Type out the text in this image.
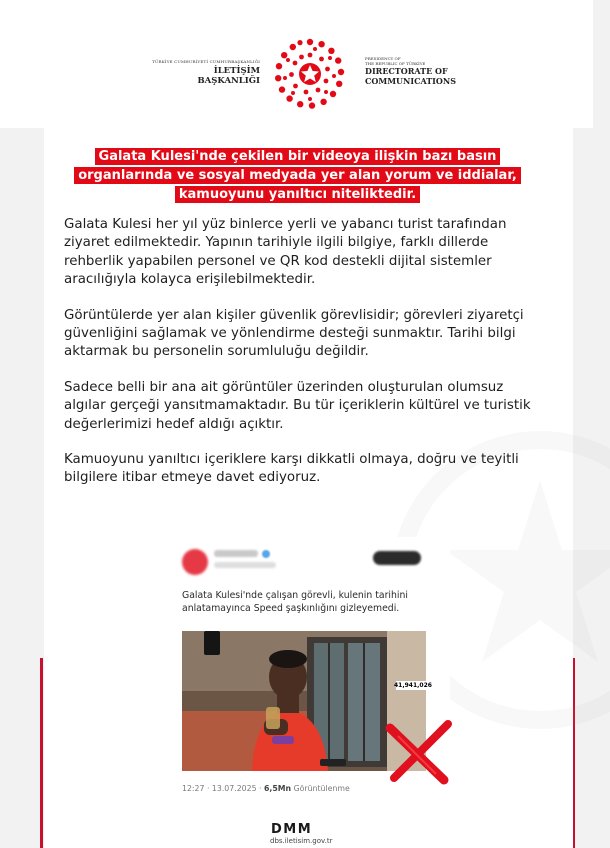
TÜRKİYE CUMHURİYETİ CUMHURBAŞKANLIĞI
İLETİŞİM BAŞKANLIĞI
PRESIDENCY OF
THE REPUBLIC OF TÜRKİYE
DIRECTORATE OF
COMMUNICATIONS
Galata Kulesi'nde çekilen bir videoya ilişkin bazı basın organlarında ve sosyal medyada yer alan yorum ve iddialar, kamuoyunu yanıltıcı niteliktedir.

Galata Kulesi her yıl yüz binlerce yerli ve yabancı turist tarafından ziyaret edilmektedir. Yapının tarihiyle ilgili bilgiye, farklı dillerde rehberlik yapabilen personel ve QR kod destekli dijital sistemler aracılığıyla kolayca erişilebilmektedir.

Görüntülerde yer alan kişiler güvenlik görevlisidir; görevleri ziyaretçi güvenliğini sağlamak ve yönlendirme desteği sunmaktır. Tarihi bilgi aktarmak bu personelin sorumluluğu değildir.

Sadece belli bir ana ait görüntüler üzerinden oluşturulan olumsuz algılar gerçeği yansıtmamaktadır. Bu tür içeriklerin kültürel ve turistik değerlerimizi hedef aldığı açıktır.

Kamuoyunu yanıltıcı içeriklere karşı dikkatli olmaya, doğru ve teyitli bilgilere itibar etmeye davet ediyoruz.

Galata Kulesi'nde çalışan görevli, kulenin tarihini anlatamayınca Speed şaşkınlığını gizleyemedi.
41,941,026
12:27 · 13.07.2025 · 6,5Mn Görüntülenme
DMM
dbs.iletisim.gov.tr
